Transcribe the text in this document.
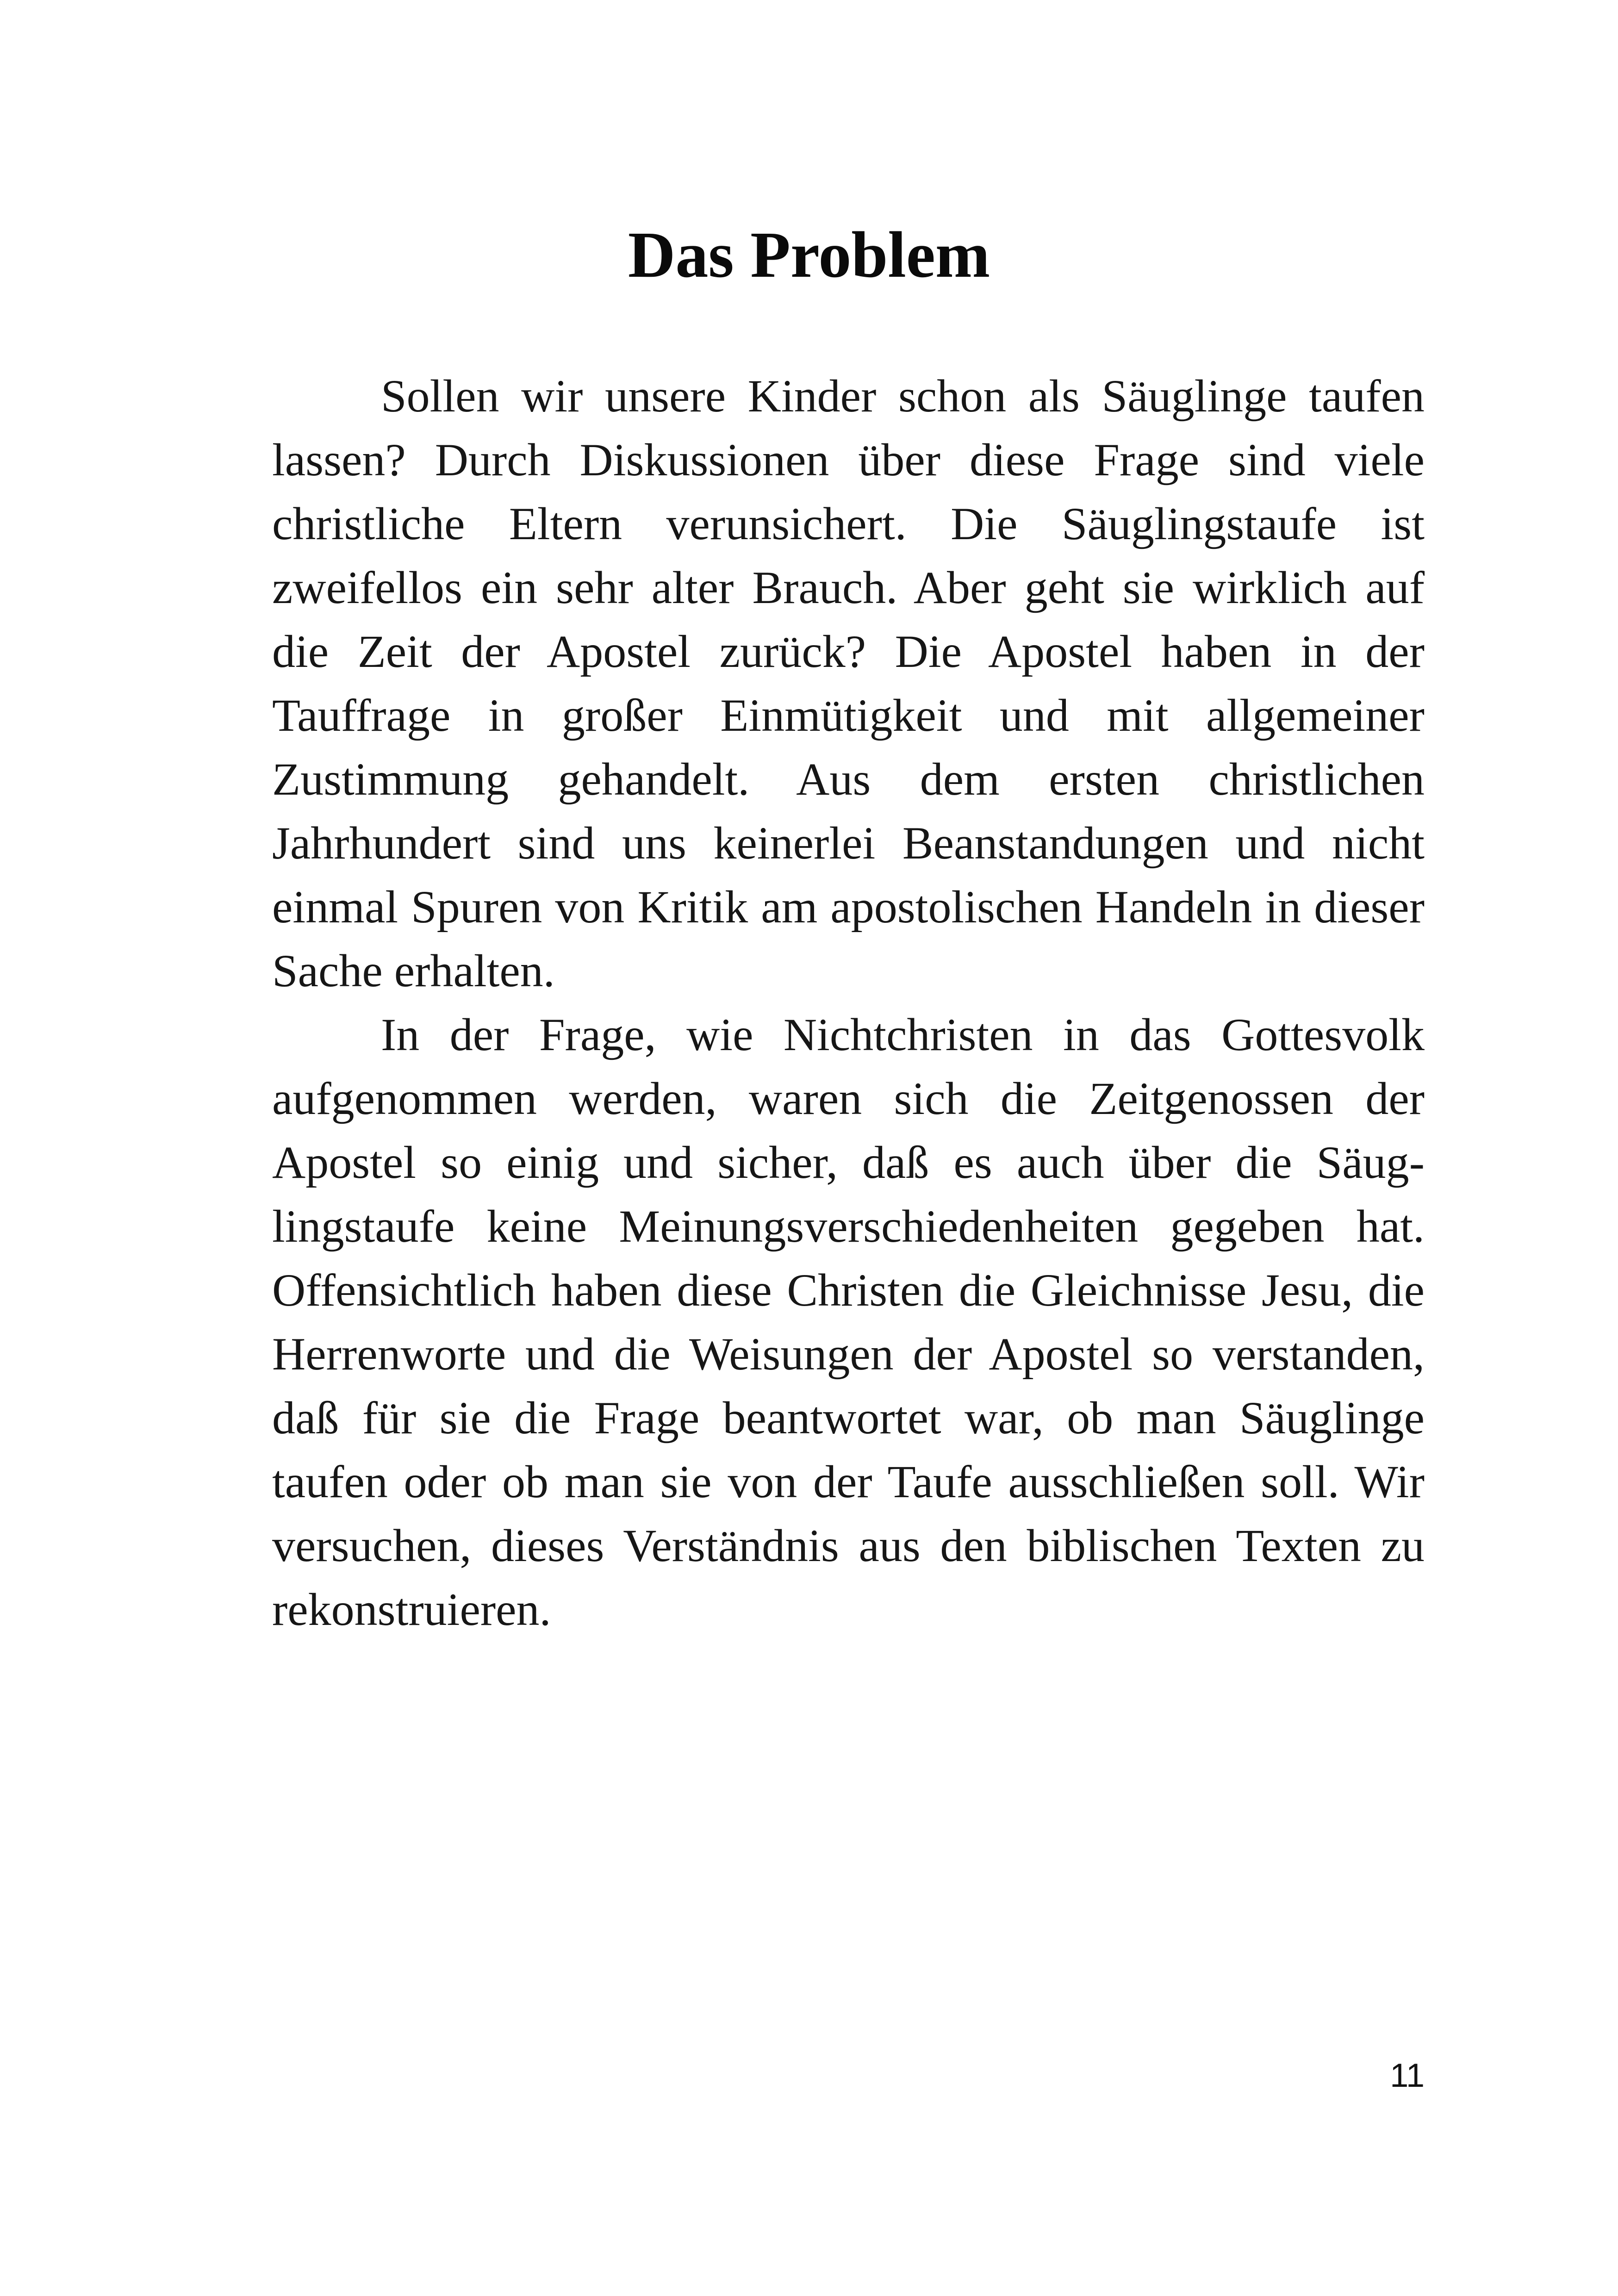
Das Problem

Sollen wir unsere Kinder schon als Säuglinge taufen lassen? Durch Diskussionen über diese Frage sind viele christliche Eltern verunsichert. Die Säuglingstaufe ist zweifellos ein sehr alter Brauch. Aber geht sie wirklich auf die Zeit der Apostel zurück? Die Apostel haben in der Tauffrage in großer Einmütigkeit und mit allgemeiner Zustimmung gehandelt. Aus dem ersten christlichen Jahrhundert sind uns keinerlei Beanstandungen und nicht einmal Spuren von Kritik am apostolischen Handeln in dieser Sache erhalten.

In der Frage, wie Nichtchristen in das Gottesvolk aufgenommen werden, waren sich die Zeitgenossen der Apostel so einig und sicher, daß es auch über die Säuglingstaufe keine Meinungsverschiedenheiten gegeben hat. Offensichtlich haben diese Christen die Gleichnisse Jesu, die Herrenworte und die Weisungen der Apostel so verstanden, daß für sie die Frage beantwortet war, ob man Säuglinge taufen oder ob man sie von der Taufe ausschließen soll. Wir versuchen, dieses Verständnis aus den biblischen Texten zu rekonstruieren.

11
